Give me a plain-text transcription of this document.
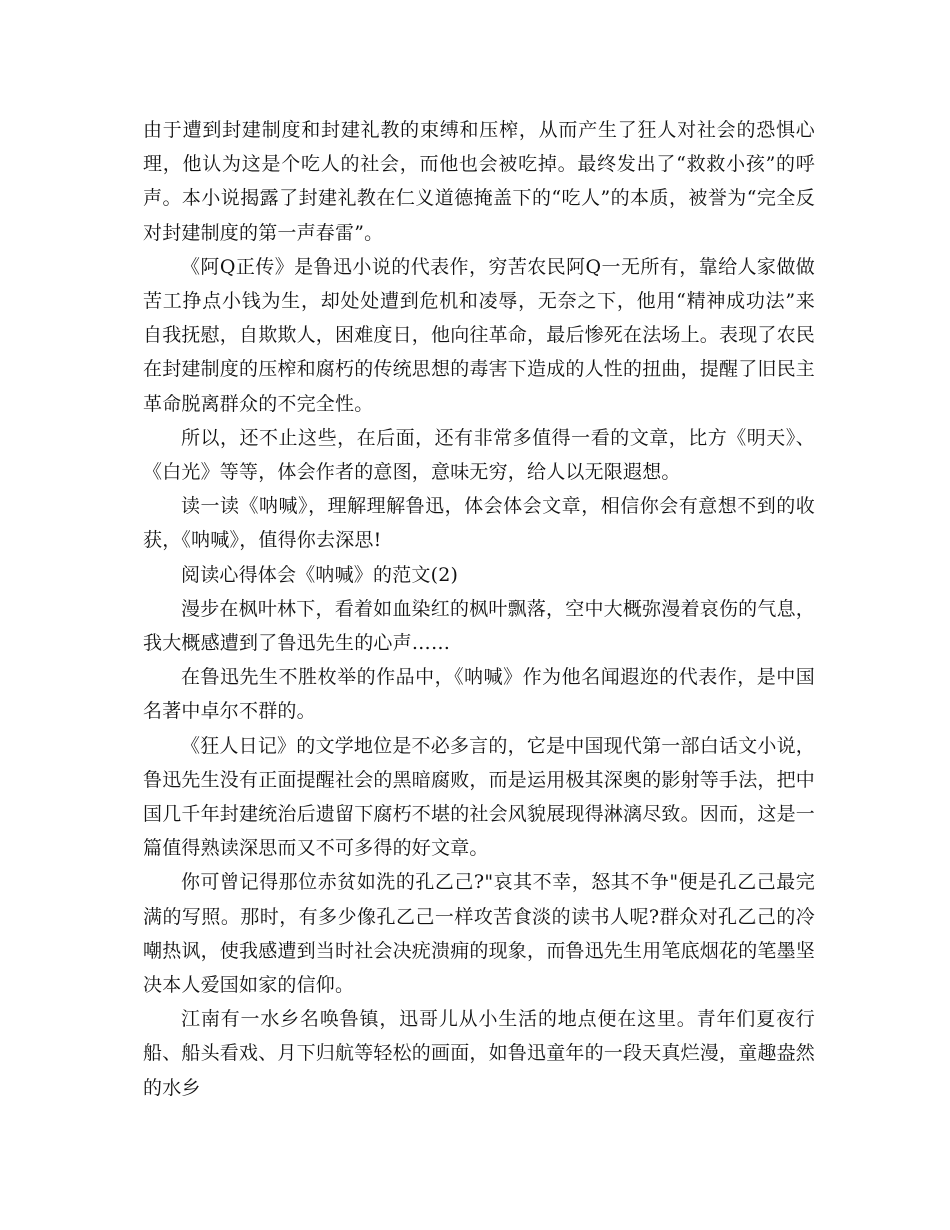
由于遭到封建制度和封建礼教的束缚和压榨，从而产生了狂人对社会的恐惧心理，他认为这是个吃人的社会，而他也会被吃掉。最终发出了“救救小孩”的呼声。本小说揭露了封建礼教在仁义道德掩盖下的“吃人”的本质，被誉为“完全反对封建制度的第一声春雷”。

《阿Q正传》是鲁迅小说的代表作，穷苦农民阿Q一无所有，靠给人家做做苦工挣点小钱为生，却处处遭到危机和凌辱，无奈之下，他用“精神成功法”来自我抚慰，自欺欺人，困难度日，他向往革命，最后惨死在法场上。表现了农民在封建制度的压榨和腐朽的传统思想的毒害下造成的人性的扭曲，提醒了旧民主革命脱离群众的不完全性。

所以，还不止这些，在后面，还有非常多值得一看的文章，比方《明天》、《白光》等等，体会作者的意图，意味无穷，给人以无限遐想。

读一读《呐喊》，理解理解鲁迅，体会体会文章，相信你会有意想不到的收获，《呐喊》，值得你去深思!

阅读心得体会《呐喊》的范文(2)

漫步在枫叶林下，看着如血染红的枫叶飘落，空中大概弥漫着哀伤的气息，我大概感遭到了鲁迅先生的心声……

在鲁迅先生不胜枚举的作品中，《呐喊》作为他名闻遐迩的代表作，是中国名著中卓尔不群的。

《狂人日记》的文学地位是不必多言的，它是中国现代第一部白话文小说，鲁迅先生没有正面提醒社会的黑暗腐败，而是运用极其深奥的影射等手法，把中国几千年封建统治后遗留下腐朽不堪的社会风貌展现得淋漓尽致。因而，这是一篇值得熟读深思而又不可多得的好文章。

你可曾记得那位赤贫如洗的孔乙己?"哀其不幸，怒其不争"便是孔乙己最完满的写照。那时，有多少像孔乙己一样攻苦食淡的读书人呢?群众对孔乙己的冷嘲热讽，使我感遭到当时社会决疣溃痈的现象，而鲁迅先生用笔底烟花的笔墨坚决本人爱国如家的信仰。

江南有一水乡名唤鲁镇，迅哥儿从小生活的地点便在这里。青年们夏夜行船、船头看戏、月下归航等轻松的画面，如鲁迅童年的一段天真烂漫，童趣盎然的水乡
